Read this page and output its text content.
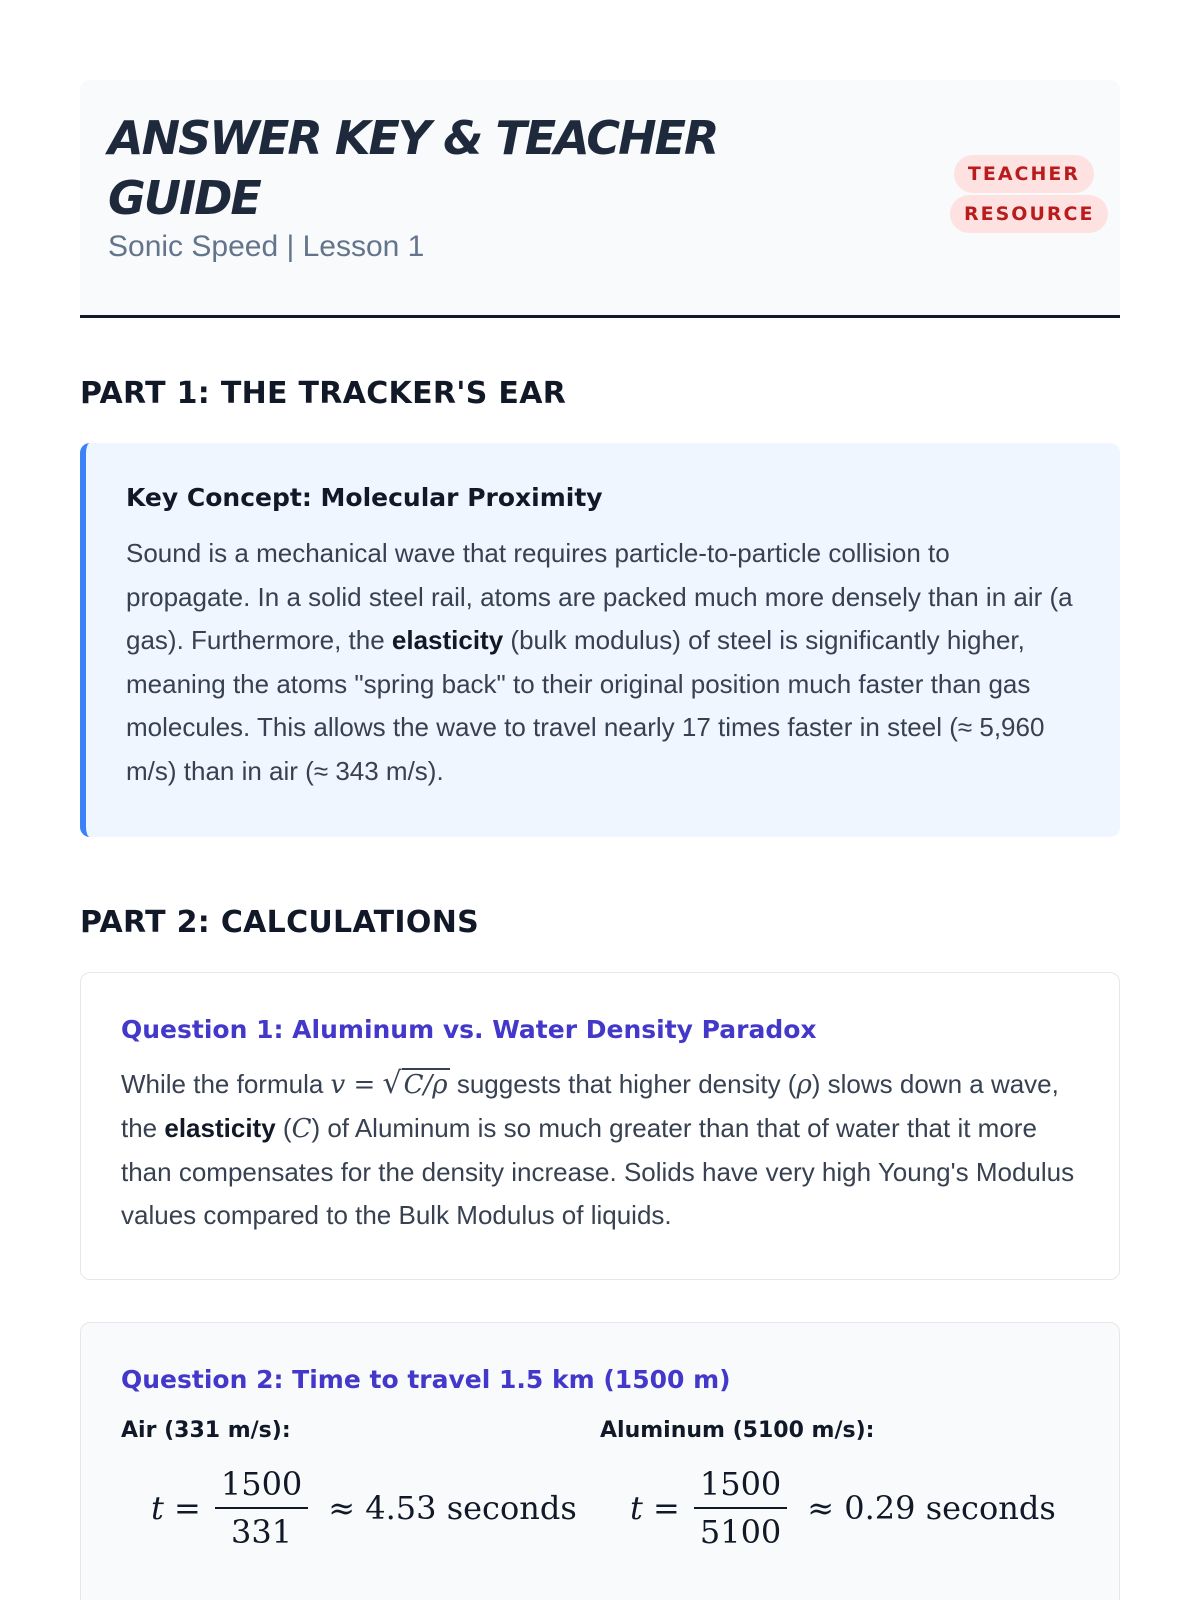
ANSWER KEY & TEACHER GUIDE
Sonic Speed | Lesson 1
TEACHER RESOURCE
PART 1: THE TRACKER'S EAR
Key Concept: Molecular Proximity

Sound is a mechanical wave that requires particle-to-particle collision to propagate. In a solid steel rail, atoms are packed much more densely than in air (a gas). Furthermore, the elasticity (bulk modulus) of steel is significantly higher, meaning the atoms "spring back" to their original position much faster than gas molecules. This allows the wave to travel nearly 17 times faster in steel (≈ 5,960 m/s) than in air (≈ 343 m/s).

PART 2: CALCULATIONS
Question 1: Aluminum vs. Water Density Paradox

While the formula v = √C/ρ suggests that higher density (ρ) slows down a wave, the elasticity (C) of Aluminum is so much greater than that of water that it more than compensates for the density increase. Solids have very high Young's Modulus values compared to the Bulk Modulus of liquids.

Question 2: Time to travel 1.5 km (1500 m)
Air (331 m/s):
t
= $\frac{1500}{331} \approx 4.53$ seconds
Aluminum (5100 m/s):
t
= $\frac{1500}{5100} \approx 0.29$ seconds
